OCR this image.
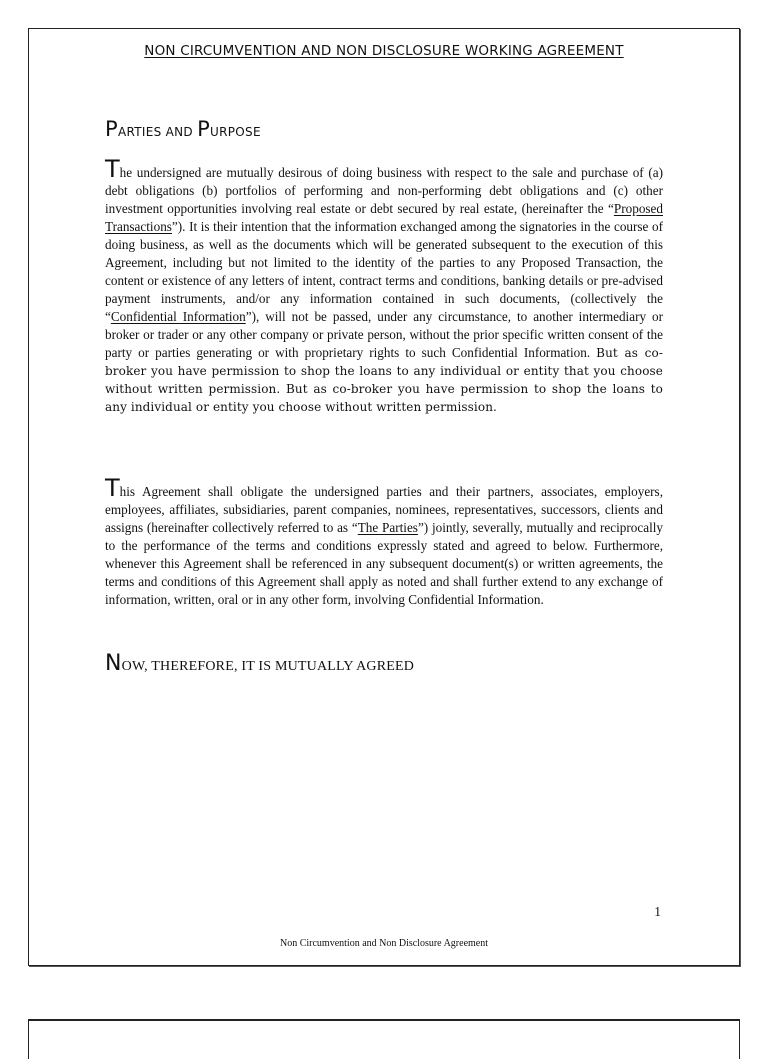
NON CIRCUMVENTION AND NON DISCLOSURE WORKING AGREEMENT
PARTIES AND PURPOSE

The undersigned are mutually desirous of doing business with respect to the sale and purchase of (a) debt obligations (b) portfolios of performing and non-performing debt obligations and (c) other investment opportunities involving real estate or debt secured by real estate, (hereinafter the “Proposed Transactions”). It is their intention that the information exchanged among the signatories in the course of doing business, as well as the documents which will be generated subsequent to the execution of this Agreement, including but not limited to the identity of the parties to any Proposed Transaction, the content or existence of any letters of intent, contract terms and conditions, banking details or pre-advised payment instruments, and/or any information contained in such documents, (collectively the “Confidential Information”), will not be passed, under any circumstance, to another intermediary or broker or trader or any other company or private person, without the prior specific written consent of the party or parties generating or with proprietary rights to such Confidential Information. But as co-broker you have permission to shop the loans to any individual or entity that you choose without written permission. But as co-broker you have permission to shop the loans to any individual or entity you choose without written permission.

This Agreement shall obligate the undersigned parties and their partners, associates, employers, employees, affiliates, subsidiaries, parent companies, nominees, representatives, successors, clients and assigns (hereinafter collectively referred to as “The Parties”) jointly, severally, mutually and reciprocally to the performance of the terms and conditions expressly stated and agreed to below. Furthermore, whenever this Agreement shall be referenced in any subsequent document(s) or written agreements, the terms and conditions of this Agreement shall apply as noted and shall further extend to any exchange of information, written, oral or in any other form, involving Confidential Information.

NOW, THEREFORE, IT IS MUTUALLY AGREED
1
Non Circumvention and Non Disclosure Agreement
